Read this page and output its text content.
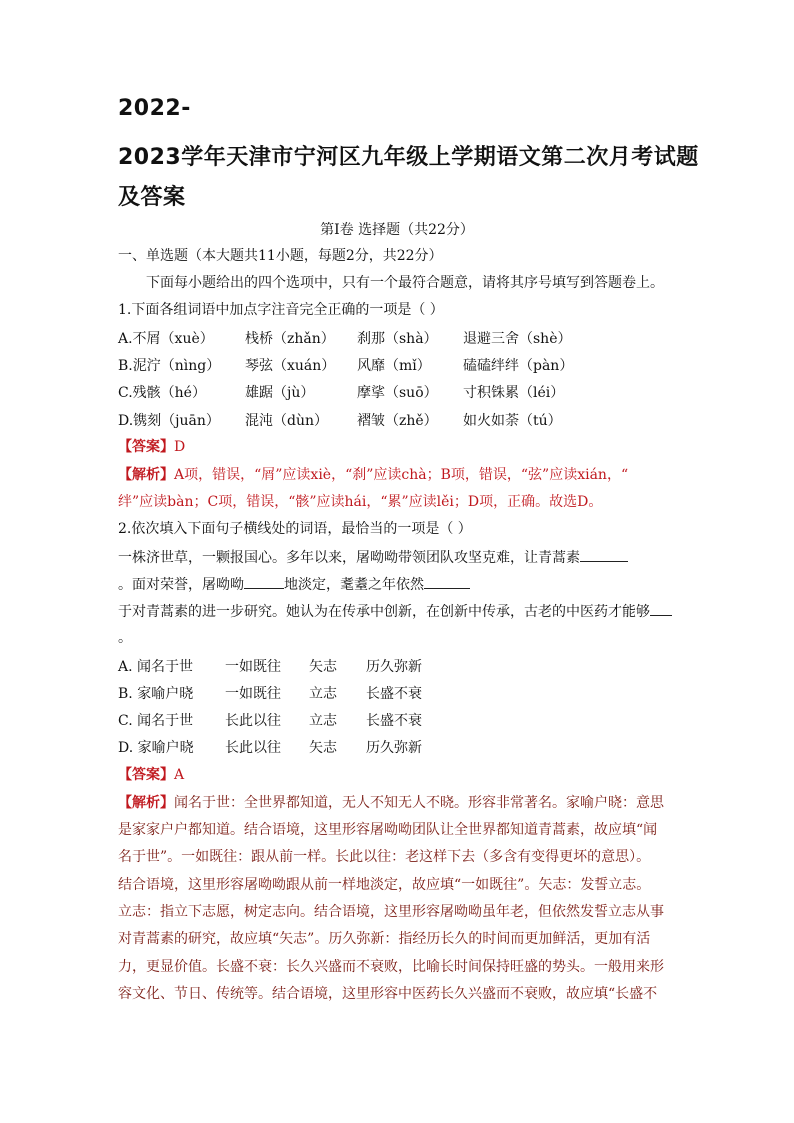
2022-
2023学年天津市宁河区九年级上学期语文第二次月考试题
及答案
第Ⅰ卷 选择题（共22分）
一、单选题（本大题共11小题，每题2分，共22分）
下面每小题给出的四个选项中，只有一个最符合题意，请将其序号填写到答题卷上。
1.下面各组词语中加点字注音完全正确的一项是（ ）
A.不屑（xuè） 栈桥（zhǎn） 刹那（shà） 退避三舍（shè）
B.泥泞（nìng） 琴弦（xuán） 风靡（mǐ） 磕磕绊绊（pàn）
C.残骸（hé）	雄踞（jù）	摩挲（suō） 寸积铢累（léi）
D.镌刻（juān） 混沌（dùn） 褶皱（zhě） 如火如荼（tú）
【答案】D
【解析】A项，错误，“屑”应读xiè，“刹”应读chà；B项，错误，“弦”应读xián，“
绊”应读bàn；C项，错误，“骸”应读hái，“累”应读lěi；D项，正确。故选D。
2.依次填入下面句子横线处的词语，最恰当的一项是（ ）
一株济世草，一颗报国心。多年以来，屠呦呦带领团队攻坚克难，让青蒿素
。面对荣誉，屠呦呦	地淡定，耄耋之年依然
于对青蒿素的进一步研究。她认为在传承中创新，在创新中传承，古老的中医药才能够
。
A. 闻名于世 一如既往 矢志 历久弥新
B. 家喻户晓 一如既往 立志 长盛不衰
C. 闻名于世 长此以往 立志 长盛不衰
D. 家喻户晓 长此以往 矢志 历久弥新
【答案】A
【解析】闻名于世：全世界都知道，无人不知无人不晓。形容非常著名。家喻户晓：意思
是家家户户都知道。结合语境，这里形容屠呦呦团队让全世界都知道青蒿素，故应填“闻
名于世”。一如既往：跟从前一样。长此以往：老这样下去（多含有变得更坏的意思）。
结合语境，这里形容屠呦呦跟从前一样地淡定，故应填“一如既往”。矢志：发誓立志。
立志：指立下志愿，树定志向。结合语境，这里形容屠呦呦虽年老，但依然发誓立志从事
对青蒿素的研究，故应填“矢志”。历久弥新：指经历长久的时间而更加鲜活，更加有活
力，更显价值。长盛不衰：长久兴盛而不衰败，比喻长时间保持旺盛的势头。一般用来形
容文化、节日、传统等。结合语境，这里形容中医药长久兴盛而不衰败，故应填“长盛不
